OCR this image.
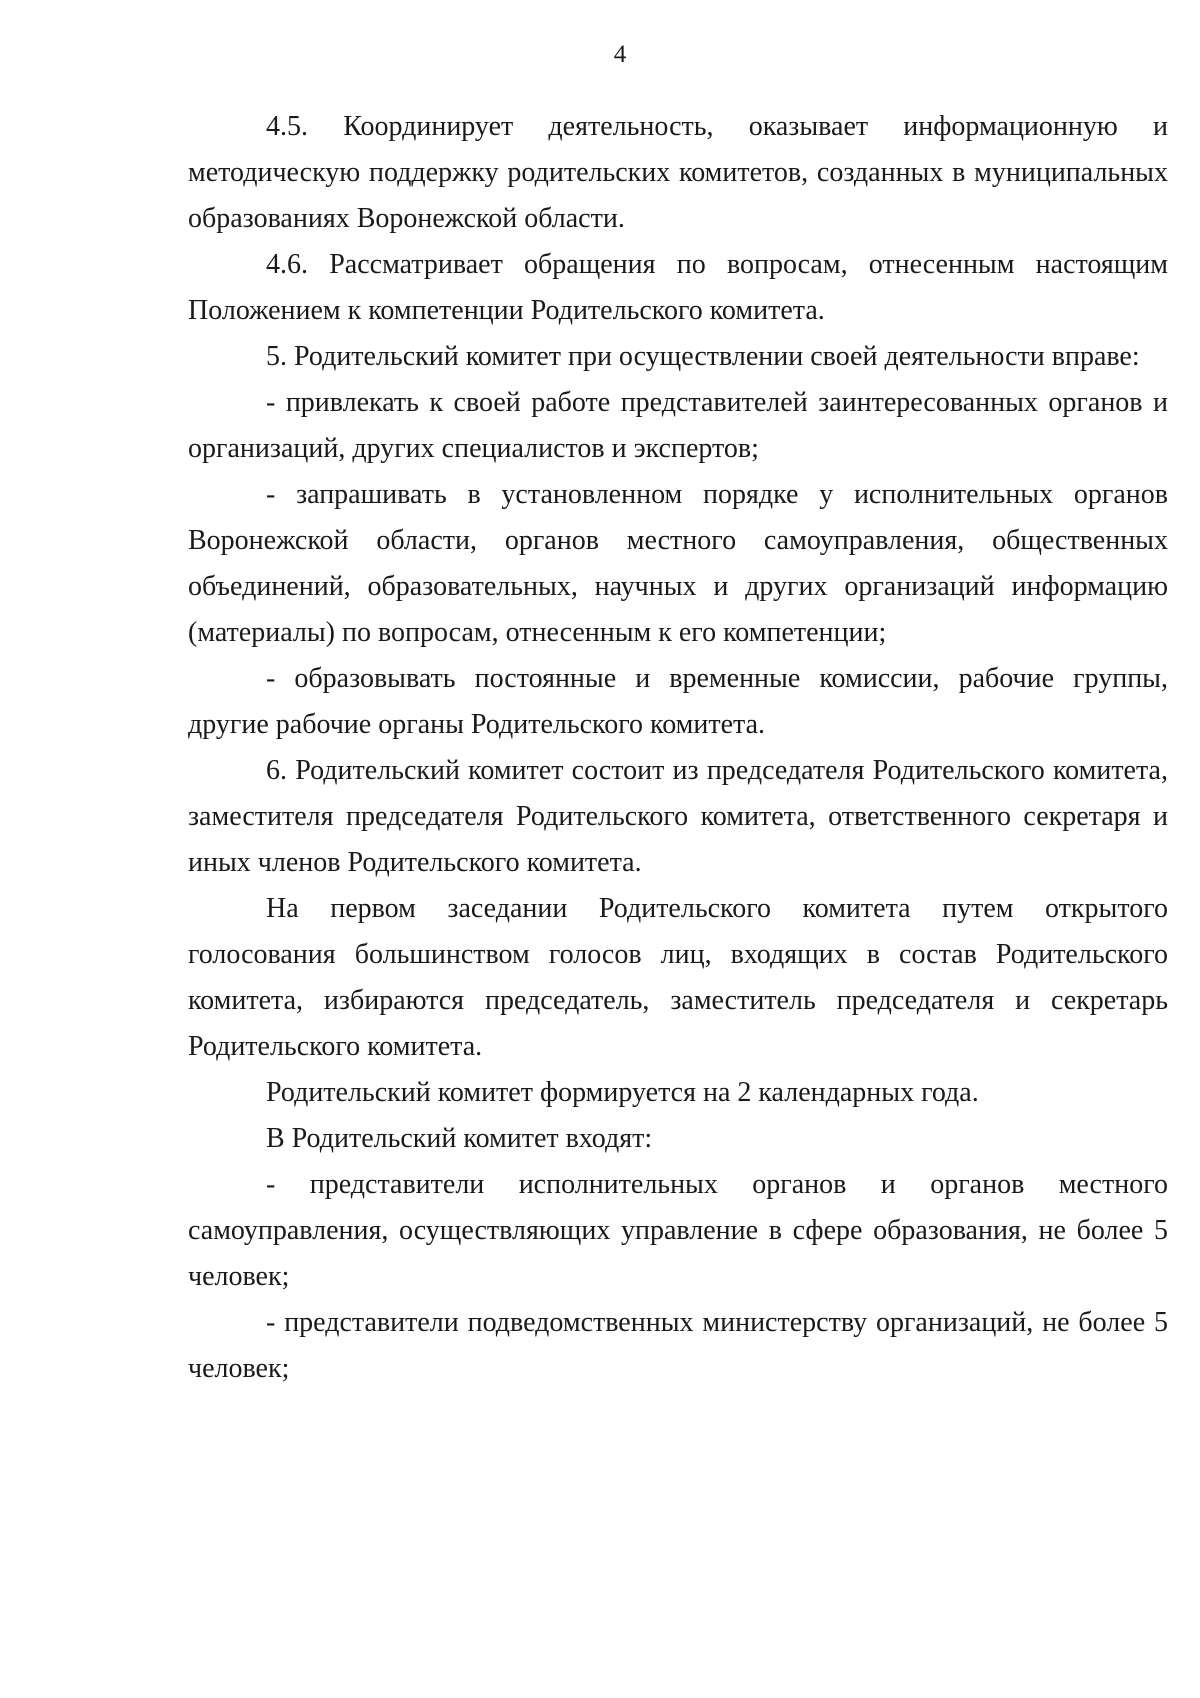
4

4.5. Координирует деятельность, оказывает информационную и методическую поддержку родительских комитетов, созданных в муниципальных образованиях Воронежской области.

4.6. Рассматривает обращения по вопросам, отнесенным настоящим Положением к компетенции Родительского комитета.

5. Родительский комитет при осуществлении своей деятельности вправе:

- привлекать к своей работе представителей заинтересованных органов и организаций, других специалистов и экспертов;

- запрашивать в установленном порядке у исполнительных органов Воронежской области, органов местного самоуправления, общественных объединений, образовательных, научных и других организаций информацию (материалы) по вопросам, отнесенным к его компетенции;

- образовывать постоянные и временные комиссии, рабочие группы, другие рабочие органы Родительского комитета.

6. Родительский комитет состоит из председателя Родительского комитета, заместителя председателя Родительского комитета, ответственного секретаря и иных членов Родительского комитета.

На первом заседании Родительского комитета путем открытого голосования большинством голосов лиц, входящих в состав Родительского комитета, избираются председатель, заместитель председателя и секретарь Родительского комитета.

Родительский комитет формируется на 2 календарных года.

В Родительский комитет входят:

- представители исполнительных органов и органов местного самоуправления, осуществляющих управление в сфере образования, не более 5 человек;

- представители подведомственных министерству организаций, не более 5 человек;
